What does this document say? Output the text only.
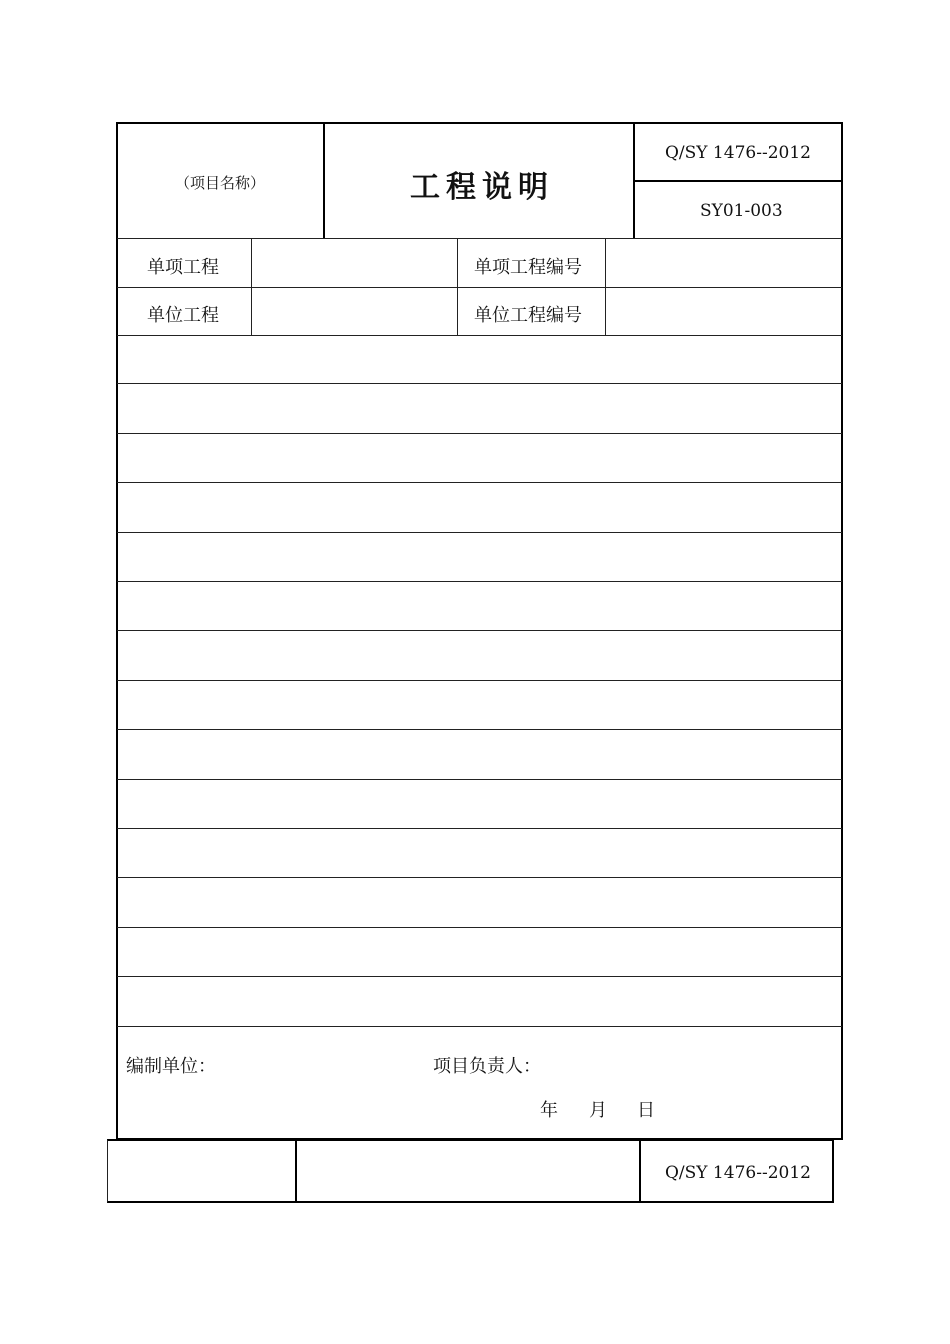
（项目名称）	工程说明
Q/SY 1476--2012
SY01-003
单项工程	单项工程编号
单位工程	单位工程编号
编制单位：	项目负责人：
年 月 日
Q/SY 1476--2012
